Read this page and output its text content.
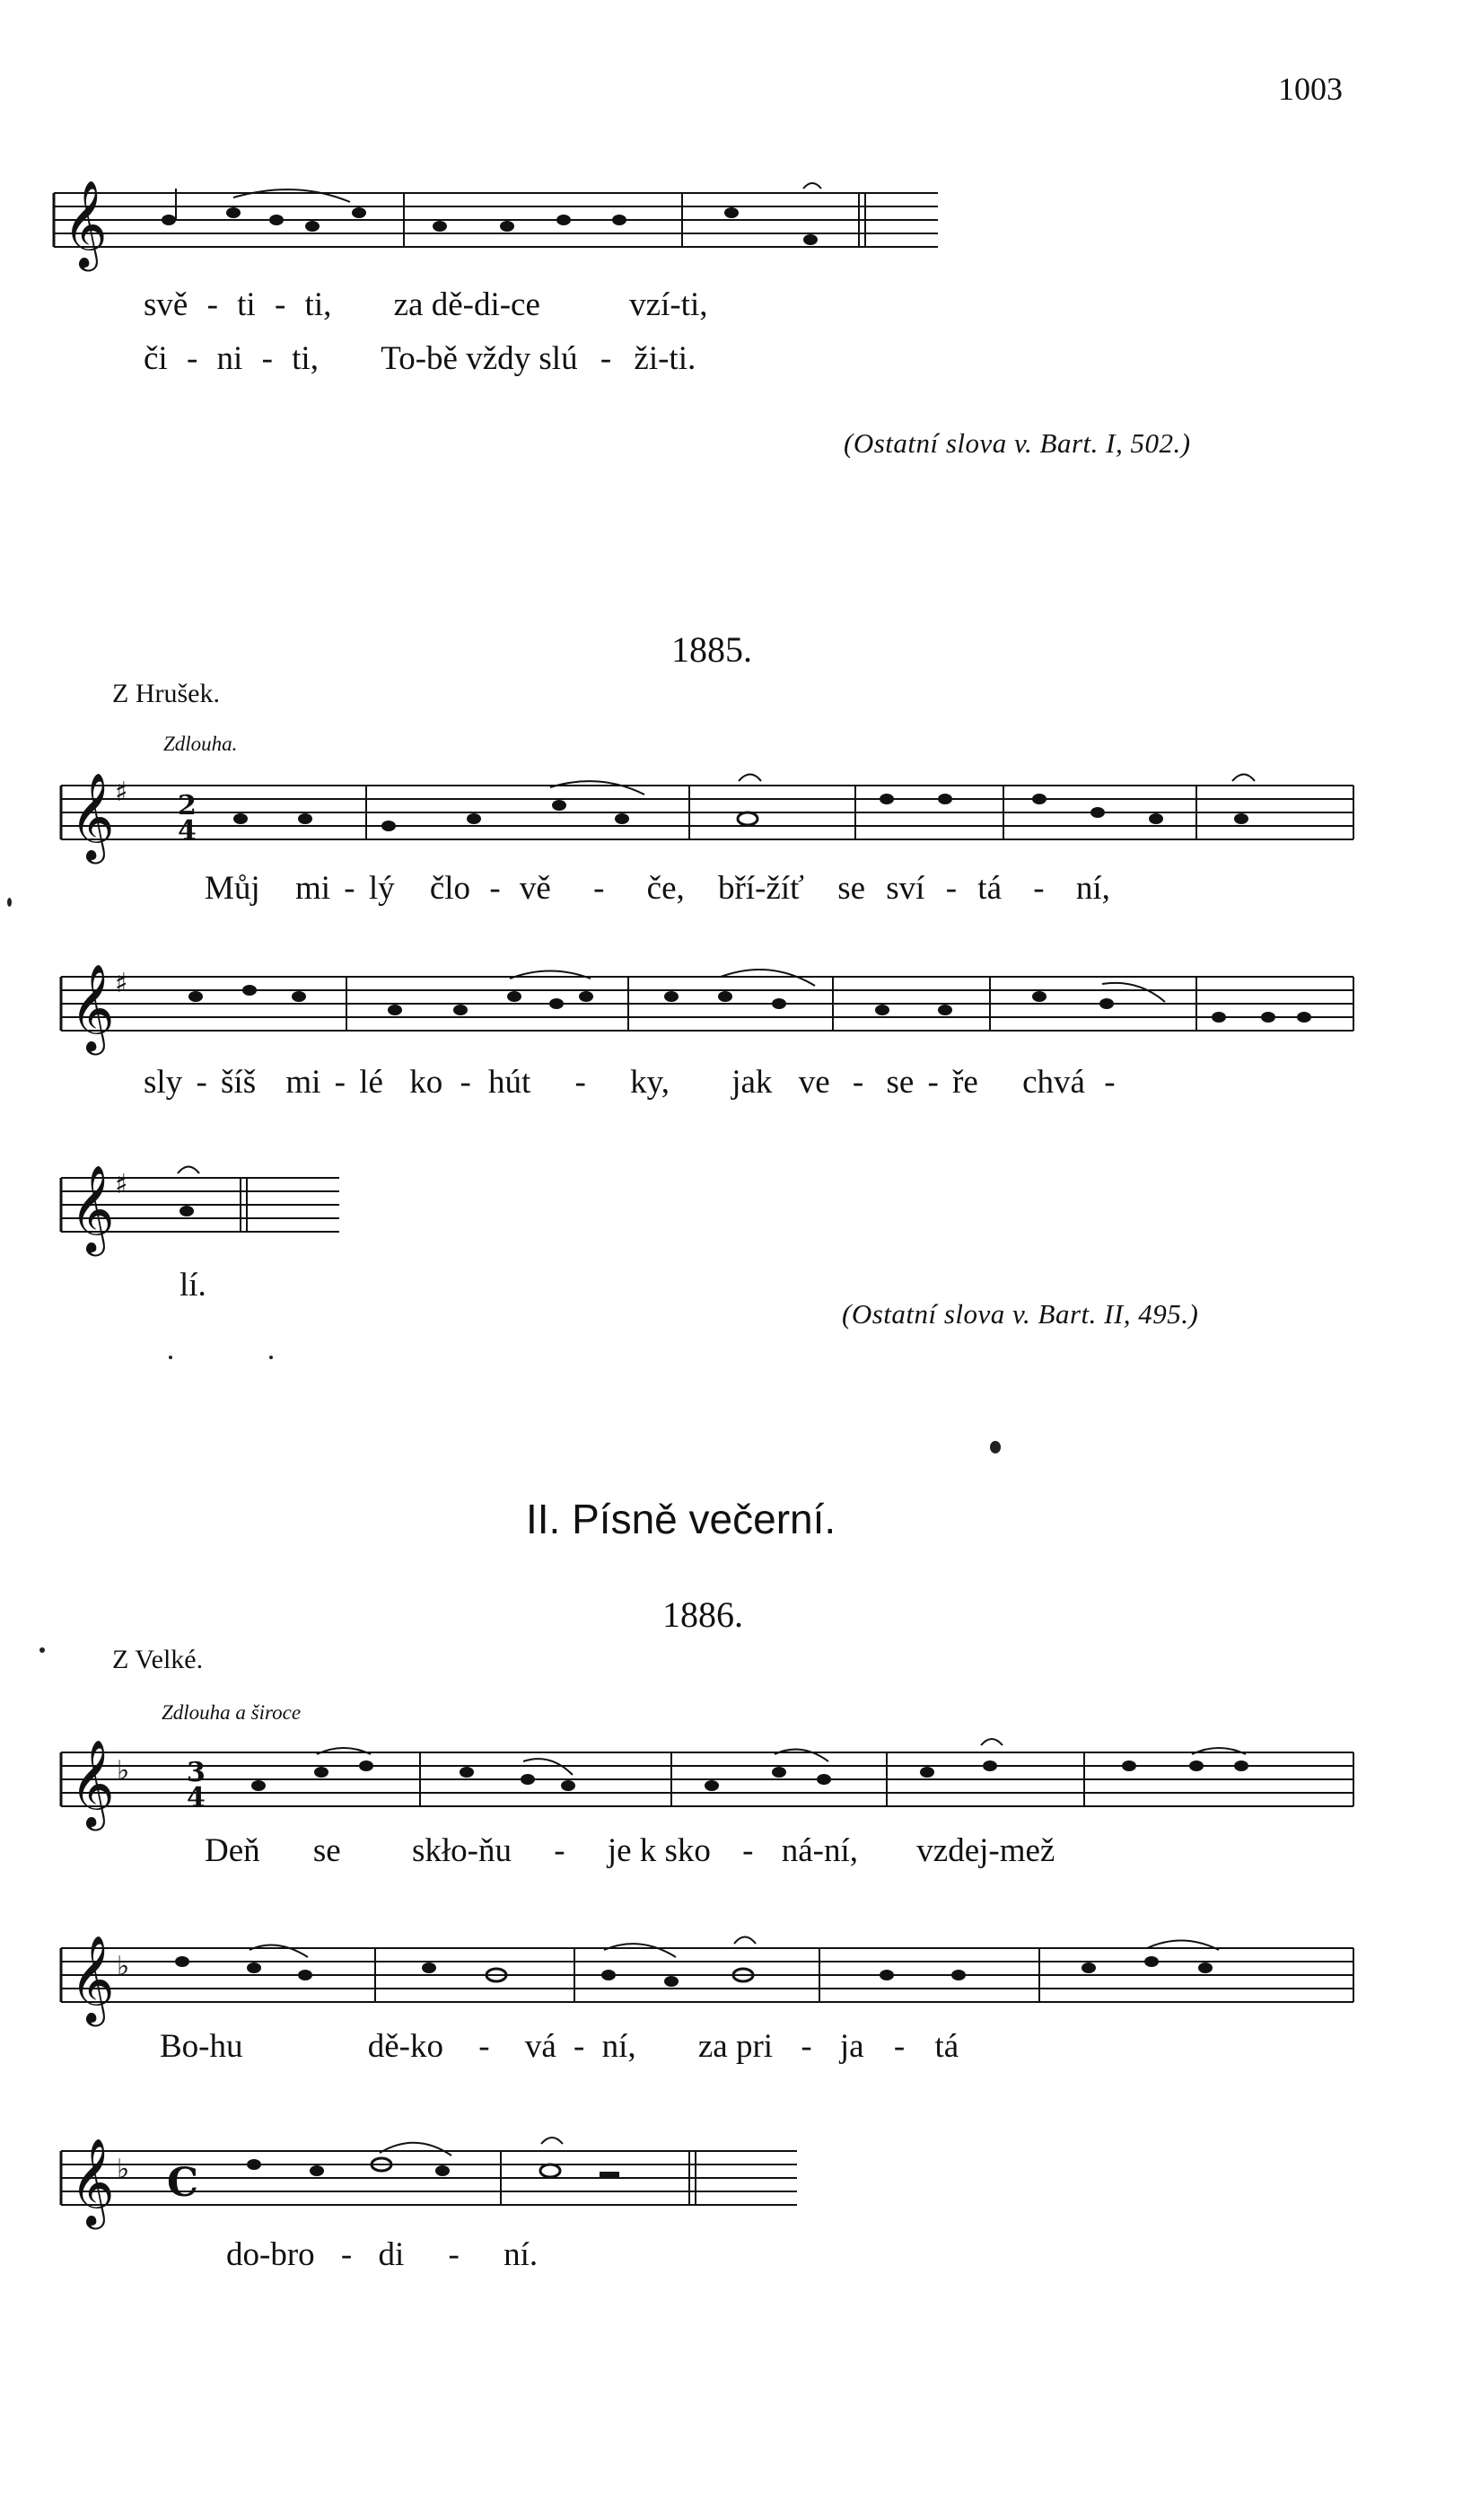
1003
𝄞
svě - ti - ti, za dě-di-ce	vzí-ti,
či - ni - ti, To-bě vždy slú - ži-ti.
(Ostatní slova v. Bart. I, 502.)
1885.
Z Hrušek.
Zdlouha.
𝄞 ♯ 2
4
Můj mi - lý člo - vě - če, bří-žíť se sví - tá - ní,
𝄞 ♯
sly - šíš mi - lé ko - hút - ky, jak ve - se - ře chvá -
𝄞 ♯
lí.
(Ostatní slova v. Bart. II, 495.)
II. Písně večerní.
1886.
Z Velké.
Zdlouha a široce
𝄞 ♭ 3
4
Deň se skło-ňu - je k sko - ná-ní, vzdej-mež
𝄞 ♭
Bo-hu	dě-ko - vá - ní, za pri - ja - tá
𝄞 ♭ C
do-bro - di - ní.
